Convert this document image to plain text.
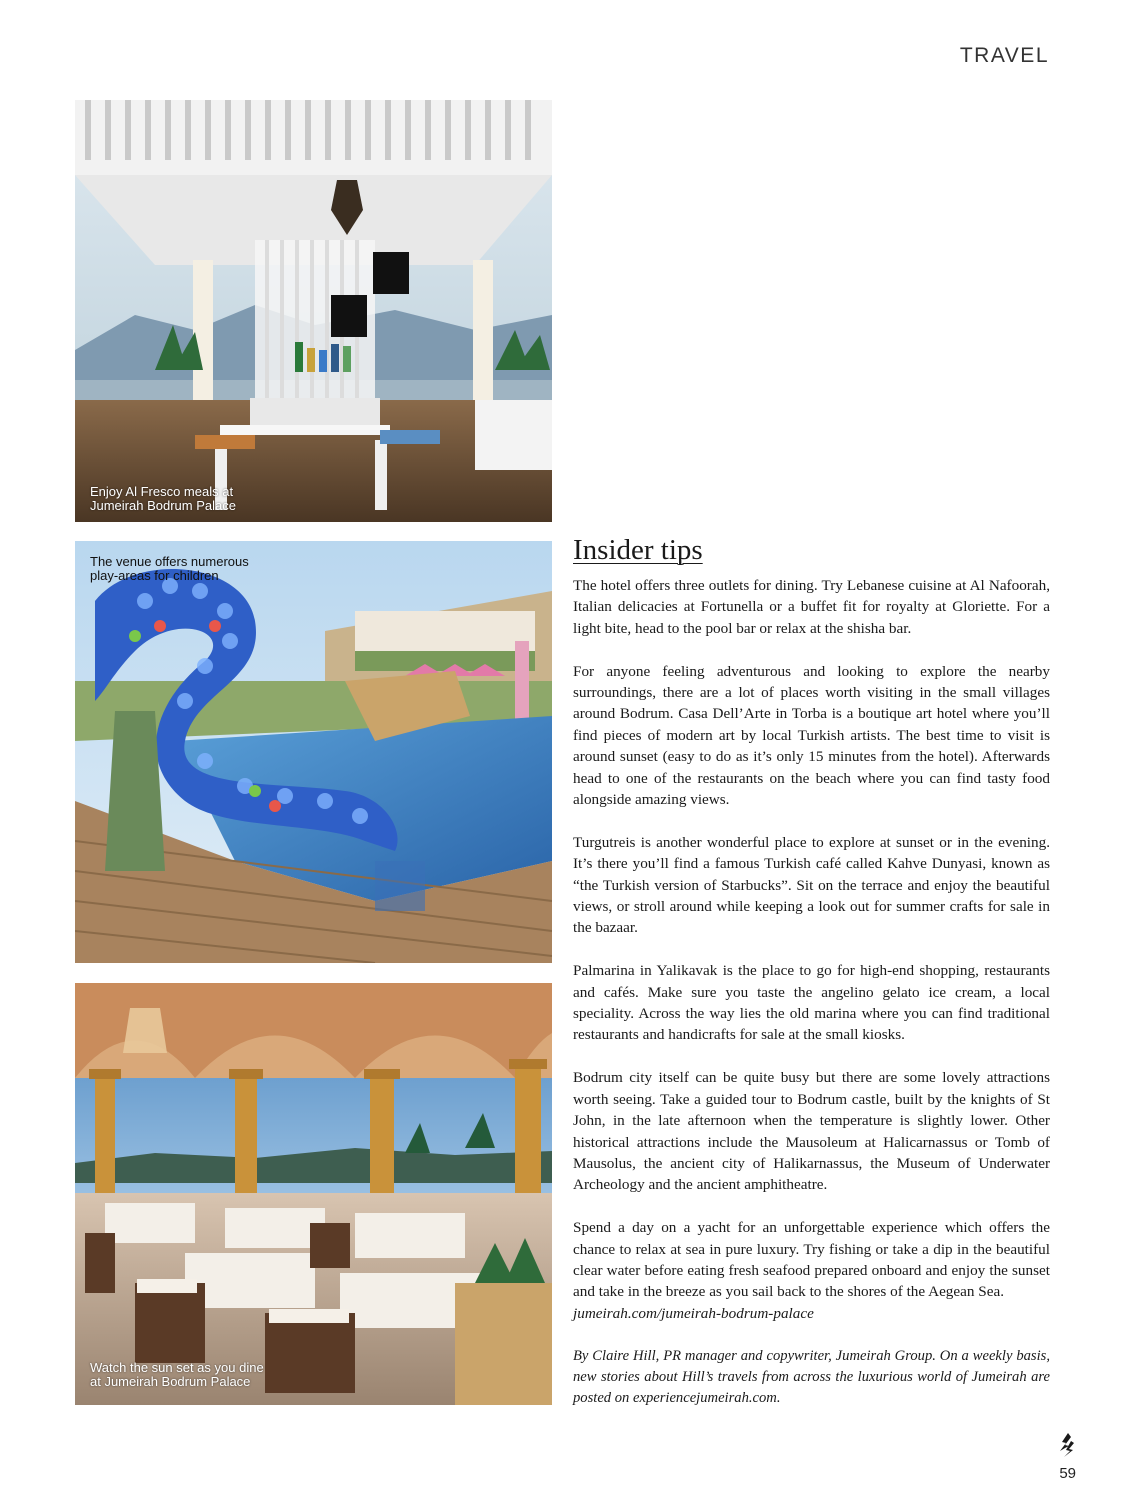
TRAVEL
Enjoy Al Fresco meals at
Jumeirah Bodrum Palace
The venue offers numerous
play-areas for children
Watch the sun set as you dine
at Jumeirah Bodrum Palace
Insider tips

The hotel offers three outlets for dining. Try Lebanese cuisine at Al Nafoorah, Italian delicacies at Fortunella or a buffet fit for royalty at Gloriette. For a light bite, head to the pool bar or relax at the shisha bar.

For anyone feeling adventurous and looking to explore the nearby surroundings, there are a lot of places worth visiting in the small villages around Bodrum. Casa Dell’Arte in Torba is a boutique art hotel where you’ll find pieces of modern art by local Turkish artists. The best time to visit is around sunset (easy to do as it’s only 15 minutes from the hotel). Afterwards head to one of the restaurants on the beach where you can find tasty food alongside amazing views.

Turgutreis is another wonderful place to explore at sunset or in the evening. It’s there you’ll find a famous Turkish café called Kahve Dunyasi, known as “the Turkish version of Starbucks”. Sit on the terrace and enjoy the beautiful views, or stroll around while keeping a look out for summer crafts for sale in the bazaar.

Palmarina in Yalikavak is the place to go for high-end shopping, restaurants and cafés. Make sure you taste the angelino gelato ice cream, a local speciality. Across the way lies the old marina where you can find traditional restaurants and handicrafts for sale at the small kiosks.

Bodrum city itself can be quite busy but there are some lovely attractions worth seeing. Take a guided tour to Bodrum castle, built by the knights of St John, in the late afternoon when the temperature is slightly lower. Other historical attractions include the Mausoleum at Halicarnassus or Tomb of Mausolus, the ancient city of Halikarnassus, the Museum of Underwater Archeology and the ancient amphitheatre.

Spend a day on a yacht for an unforgettable experience which offers the chance to relax at sea in pure luxury. Try fishing or take a dip in the beautiful clear water before eating fresh seafood prepared onboard and enjoy the sunset and take in the breeze as you sail back to the shores of the Aegean Sea.

jumeirah.com/jumeirah-bodrum-palace

By Claire Hill, PR manager and copywriter, Jumeirah Group. On a weekly basis, new stories about Hill’s travels from across the luxurious world of Jumeirah are posted on experiencejumeirah.com.

59
